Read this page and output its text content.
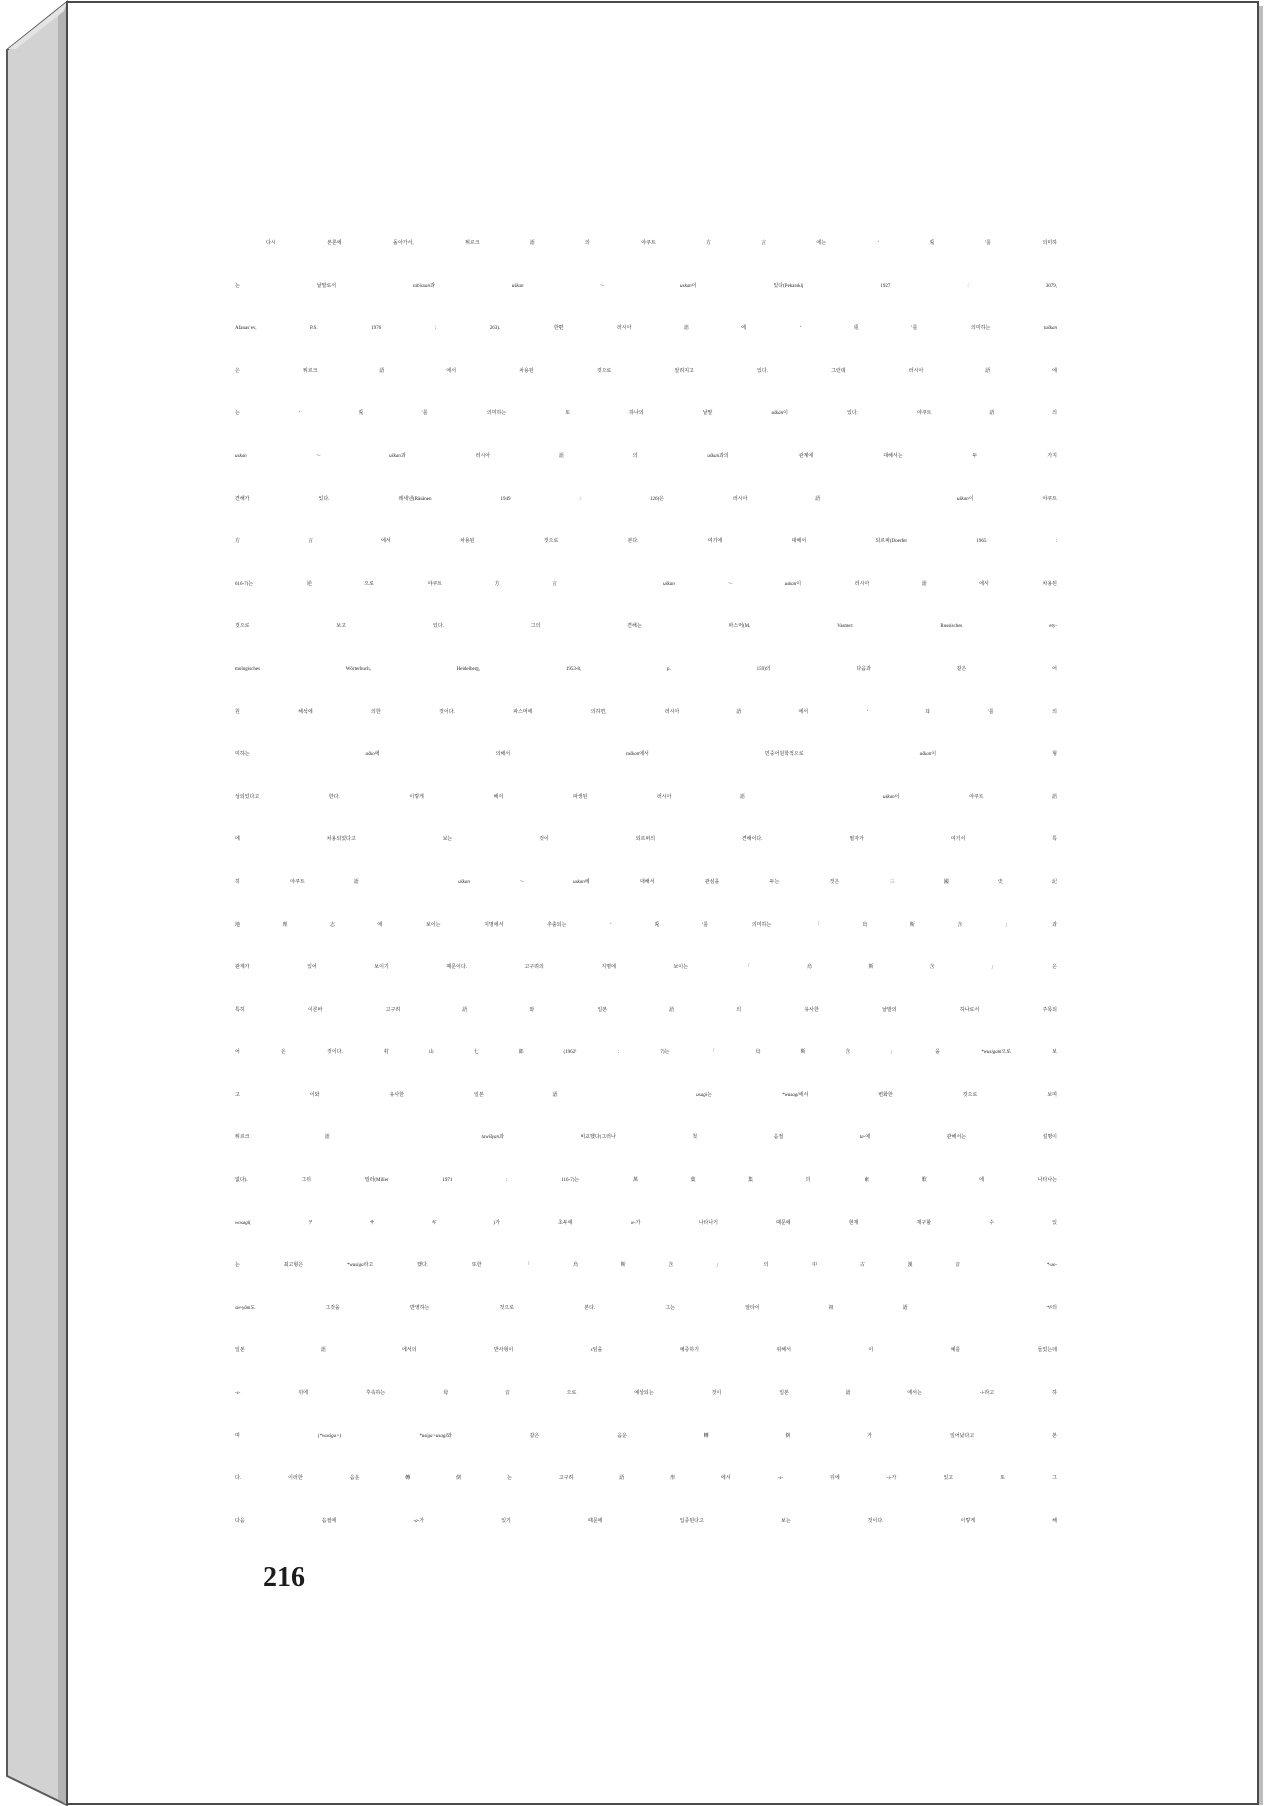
다시 본론에 돌아가서, 튀르크語의 야쿠트方言에는 ‘兎’를 의미하
는 낱말로서 tabïsxan과 uškan～uskan이 있다(Pekarskij 1927 : 3079,
Afanas’ev, P.S. 1976 : 263). 한편 러시아語에 ‘兎’를 의미하는 tuškan
은 튀르크語에서 차용된 것으로 알려지고 있다. 그런데 러시아語에
는 ‘兎’를 의미하는 또 하나의 낱말 uškán이 있다. 야쿠트語의
uskan～uškan과 러시아語의 uškan과의 관계에 대해서는 두 가지
견해가 있다. 레세넨(Räsänen 1949 : 126)은 러시아語 uškan이 야쿠트
方言에서 차용된 것으로 본다. 여기에 대해서 되르퍼(Doerfer 1965 :
616-7)는 逆으로 야쿠트方言 uškan～uskan이 러시아語에서 차용된
것으로 보고 있다. 그의 견해는 파스머(M. Vasmer: Russisches ety-
mologisches Wörterbuch, Heidelberg, 1953-8, p. 159)의 다음과 같은 어
원 해석에 의한 것이다. 파스머에 의하면, 러시아語에서 ‘耳’를 의
미하는 uško에 의해서 tuškan에서 민중어원학적으로 uškan이 형
성되었다고 한다. 이렇게 해서 파생된 러시아語 uškan이 야쿠트語
에 차용되었다고 보는 것이 되르퍼의 견해이다. 필자가 여기서 특
히 야쿠트語 uškan～uskan에 대해서 관심을 두는 것은 三國史記
地理志에 보이는 지명에서 추출되는 ‘兎’를 의미하는 「烏斯含」과
관계가 있어 보이기 때문이다. 고구려의 지명에 보이는 「烏斯含」은
특히 이른바 고구려語와 일본語의 유사한 낱말의 하나로서 주목되
어 온 것이다. 村山七郎(1962¹ : 7)는 「烏斯含」을 *wusigam으로 보
고 이와 유사한 일본語 usagi는 *wusagi에서 변화한 것으로 보며
튀르크語 tawïšγan과 비교했다(그러나 첫 음절 ta-에 관해서는 설명이
없다). 그뒤 밀러(Miller 1971 : 116-7)는 萬葉集의 東歌에 나타나는
wosagi(ヲサギ)가 초두에 w-가 나타나기 때문에 현재 재구할 수 있
는 최고형은 *wusiga라고 했다. 또한 「烏斯含」의 中古漢音 *·uo-
sie-γâm도 그것을 반영하는 것으로 본다. 그는 알타이祖語 *l²의
일본語에서의 반사형이 s임을 예증하기 위해서 이 예를 들었는데
-s- 뒤에 후속하는 母音으로 예상되는 것이 일본語에서는 -i-라고 하
며 (*wusiga>) *usiga>usagi와 같은 음운轉倒가 일어났다고 본
다. 이러한 음운轉倒는 고구려語形에서 -s- 뒤에 -i-가 있고 또 그
다음 음절에 -a-가 있기 때문에 입증된다고 보는 것이다. 이렇게 해
216
